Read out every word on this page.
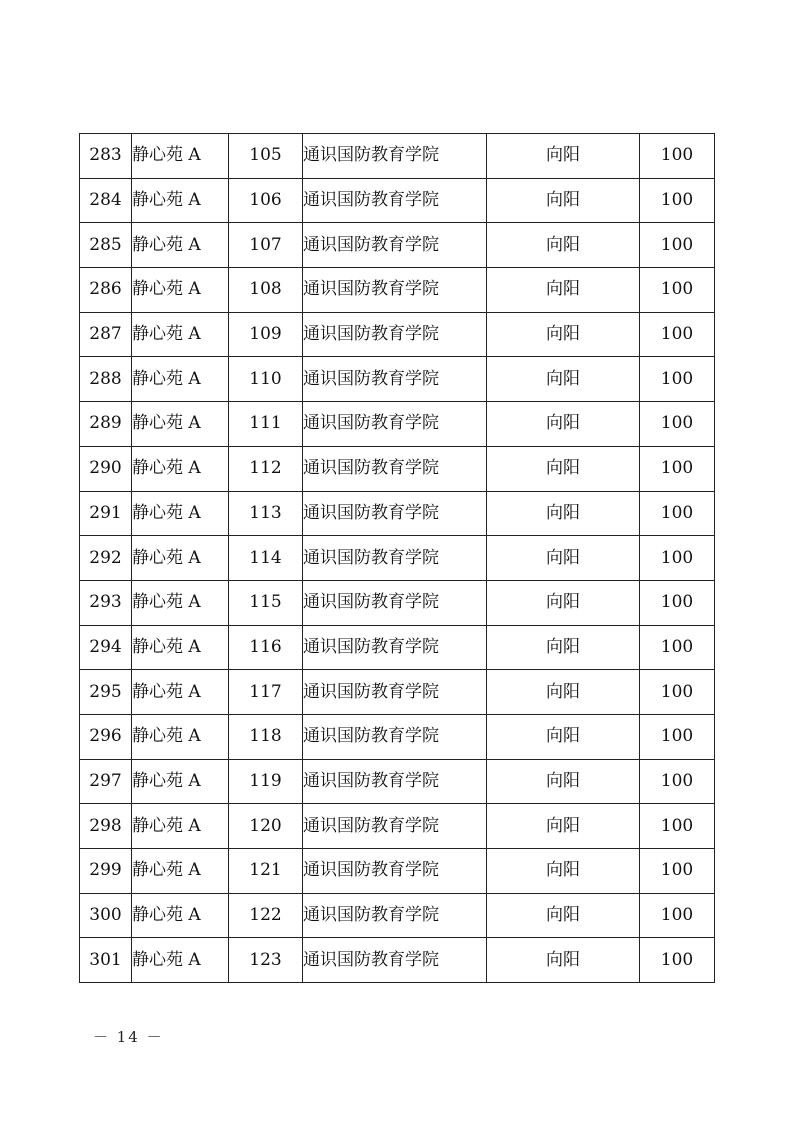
283	静心苑 A	105	通识国防教育学院	向阳	100
284	静心苑 A	106	通识国防教育学院	向阳	100
285	静心苑 A	107	通识国防教育学院	向阳	100
286	静心苑 A	108	通识国防教育学院	向阳	100
287	静心苑 A	109	通识国防教育学院	向阳	100
288	静心苑 A	110	通识国防教育学院	向阳	100
289	静心苑 A	111	通识国防教育学院	向阳	100
290	静心苑 A	112	通识国防教育学院	向阳	100
291	静心苑 A	113	通识国防教育学院	向阳	100
292	静心苑 A	114	通识国防教育学院	向阳	100
293	静心苑 A	115	通识国防教育学院	向阳	100
294	静心苑 A	116	通识国防教育学院	向阳	100
295	静心苑 A	117	通识国防教育学院	向阳	100
296	静心苑 A	118	通识国防教育学院	向阳	100
297	静心苑 A	119	通识国防教育学院	向阳	100
298	静心苑 A	120	通识国防教育学院	向阳	100
299	静心苑 A	121	通识国防教育学院	向阳	100
300	静心苑 A	122	通识国防教育学院	向阳	100
301	静心苑 A	123	通识国防教育学院	向阳	100
－ 14 －
